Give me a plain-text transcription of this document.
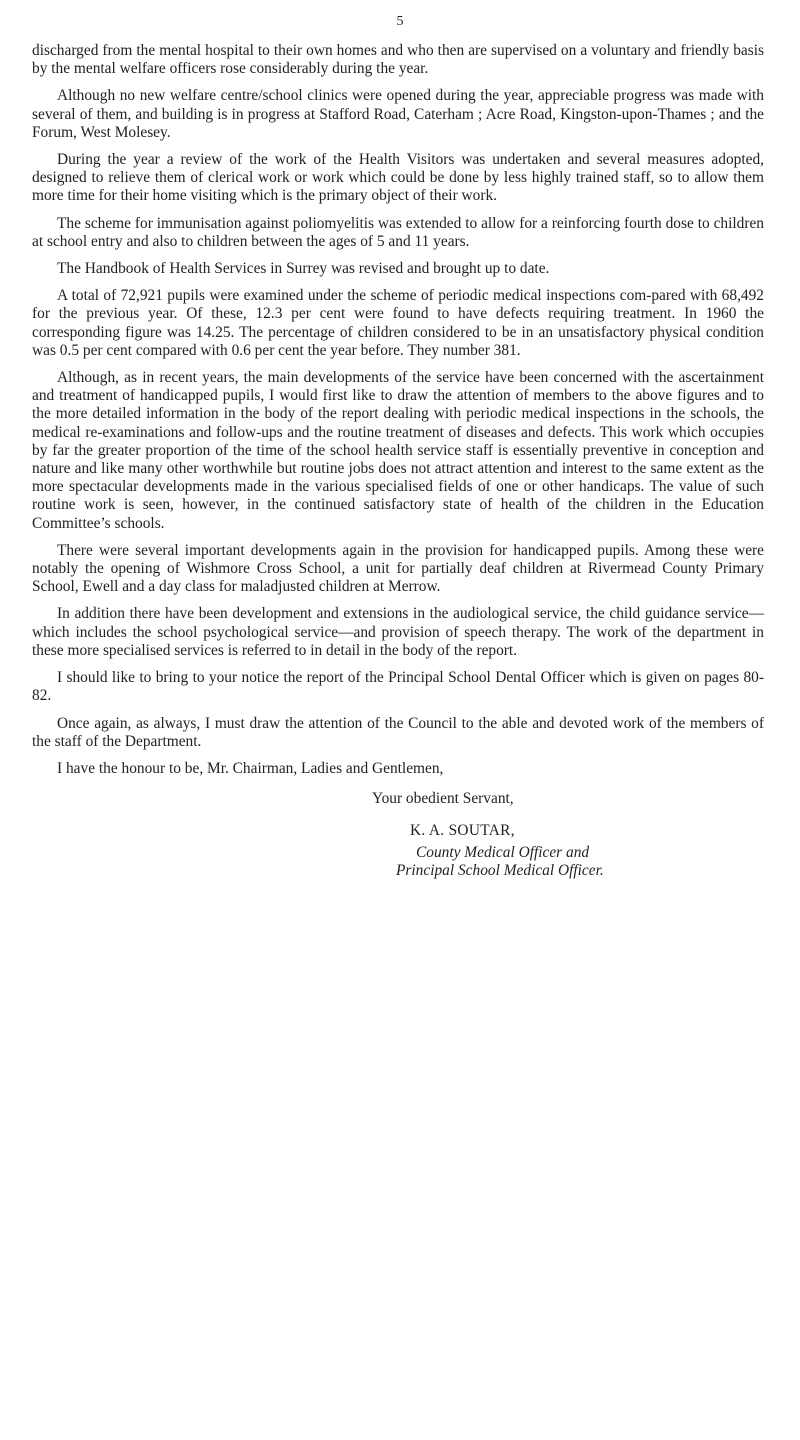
5

discharged from the mental hospital to their own homes and who then are supervised on a voluntary and friendly basis by the mental welfare officers rose considerably during the year.

Although no new welfare centre/school clinics were opened during the year, appreciable progress was made with several of them, and building is in progress at Stafford Road, Caterham ; Acre Road, Kingston-upon-Thames ; and the Forum, West Molesey.

During the year a review of the work of the Health Visitors was undertaken and several measures adopted, designed to relieve them of clerical work or work which could be done by less highly trained staff, so to allow them more time for their home visiting which is the primary object of their work.

The scheme for immunisation against poliomyelitis was extended to allow for a reinforcing fourth dose to children at school entry and also to children between the ages of 5 and 11 years.

The Handbook of Health Services in Surrey was revised and brought up to date.

A total of 72,921 pupils were examined under the scheme of periodic medical inspections com-pared with 68,492 for the previous year. Of these, 12.3 per cent were found to have defects requiring treatment. In 1960 the corresponding figure was 14.25. The percentage of children considered to be in an unsatisfactory physical condition was 0.5 per cent compared with 0.6 per cent the year before. They number 381.

Although, as in recent years, the main developments of the service have been concerned with the ascertainment and treatment of handicapped pupils, I would first like to draw the attention of members to the above figures and to the more detailed information in the body of the report dealing with periodic medical inspections in the schools, the medical re-examinations and follow-ups and the routine treatment of diseases and defects. This work which occupies by far the greater proportion of the time of the school health service staff is essentially preventive in conception and nature and like many other worthwhile but routine jobs does not attract attention and interest to the same extent as the more spectacular developments made in the various specialised fields of one or other handicaps. The value of such routine work is seen, however, in the continued satisfactory state of health of the children in the Education Committee’s schools.

There were several important developments again in the provision for handicapped pupils. Among these were notably the opening of Wishmore Cross School, a unit for partially deaf children at Rivermead County Primary School, Ewell and a day class for maladjusted children at Merrow.

In addition there have been development and extensions in the audiological service, the child guidance service—which includes the school psychological service—and provision of speech therapy. The work of the department in these more specialised services is referred to in detail in the body of the report.

I should like to bring to your notice the report of the Principal School Dental Officer which is given on pages 80-82.

Once again, as always, I must draw the attention of the Council to the able and devoted work of the members of the staff of the Department.

I have the honour to be, Mr. Chairman, Ladies and Gentlemen,

Your obedient Servant,
K. A. SOUTAR,
County Medical Officer and
Principal School Medical Officer.
